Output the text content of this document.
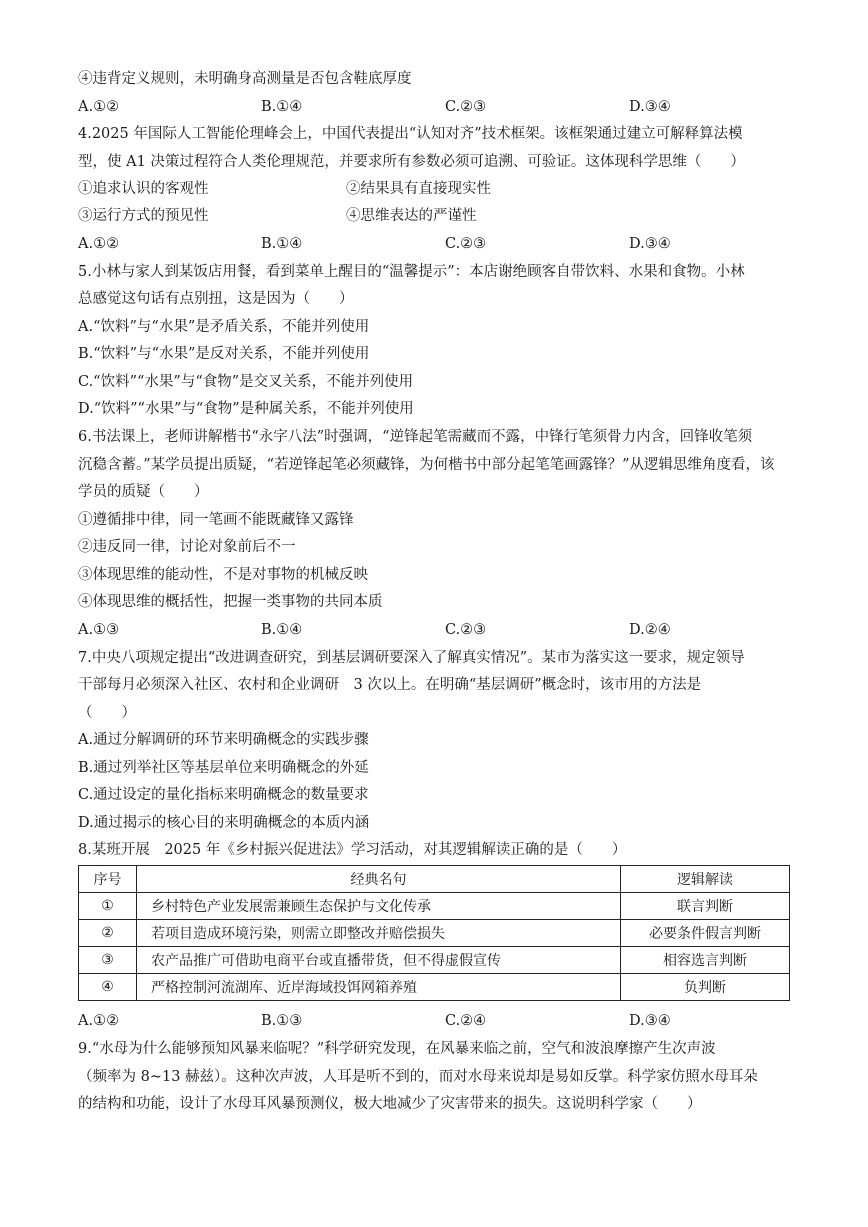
④违背定义规则，未明确身高测量是否包含鞋底厚度
A.①②	B.①④	C.②③	D.③④
4.2025 年国际人工智能伦理峰会上，中国代表提出“认知对齐”技术框架。该框架通过建立可解释算法模
型，使 A1 决策过程符合人类伦理规范，并要求所有参数必须可追溯、可验证。这体现科学思维（　　）
①追求认识的客观性	②结果具有直接现实性
③运行方式的预见性	④思维表达的严谨性
A.①②	B.①④	C.②③	D.③④
5.小林与家人到某饭店用餐，看到菜单上醒目的“温馨提示”：本店谢绝顾客自带饮料、水果和食物。小林
总感觉这句话有点别扭，这是因为（　　）
A.“饮料”与“水果”是矛盾关系，不能并列使用
B.“饮料”与“水果”是反对关系，不能并列使用
C.“饮料”“水果”与“食物”是交叉关系，不能并列使用
D.“饮料”“水果”与“食物”是种属关系，不能并列使用
6.书法课上，老师讲解楷书“永字八法”时强调，“逆锋起笔需藏而不露，中锋行笔须骨力内含，回锋收笔须
沉稳含蓄。”某学员提出质疑，“若逆锋起笔必须藏锋，为何楷书中部分起笔笔画露锋？”从逻辑思维角度看，该
学员的质疑（　　）
①遵循排中律，同一笔画不能既藏锋又露锋
②违反同一律，讨论对象前后不一
③体现思维的能动性，不是对事物的机械反映
④体现思维的概括性，把握一类事物的共同本质
A.①③	B.①④	C.②③	D.②④
7.中央八项规定提出“改进调查研究，到基层调研要深入了解真实情况”。某市为落实这一要求，规定领导
干部每月必须深入社区、农村和企业调研　3 次以上。在明确“基层调研”概念时，该市用的方法是
（　　）
A.通过分解调研的环节来明确概念的实践步骤
B.通过列举社区等基层单位来明确概念的外延
C.通过设定的量化指标来明确概念的数量要求
D.通过揭示的核心目的来明确概念的本质内涵
8.某班开展　2025 年《乡村振兴促进法》学习活动，对其逻辑解读正确的是（　　）
序号	经典名句	逻辑解读
①	乡村特色产业发展需兼顾生态保护与文化传承	联言判断
②	若项目造成环境污染，则需立即整改并赔偿损失	必要条件假言判断
③	农产品推广可借助电商平台或直播带货，但不得虚假宣传	相容选言判断
④	严格控制河流湖库、近岸海域投饵网箱养殖	负判断
A.①②	B.①③	C.②④	D.③④
9.“水母为什么能够预知风暴来临呢？”科学研究发现，在风暴来临之前，空气和波浪摩擦产生次声波
（频率为 8~13 赫兹）。这种次声波，人耳是听不到的，而对水母来说却是易如反掌。科学家仿照水母耳朵
的结构和功能，设计了水母耳风暴预测仪，极大地减少了灾害带来的损失。这说明科学家（　　）
